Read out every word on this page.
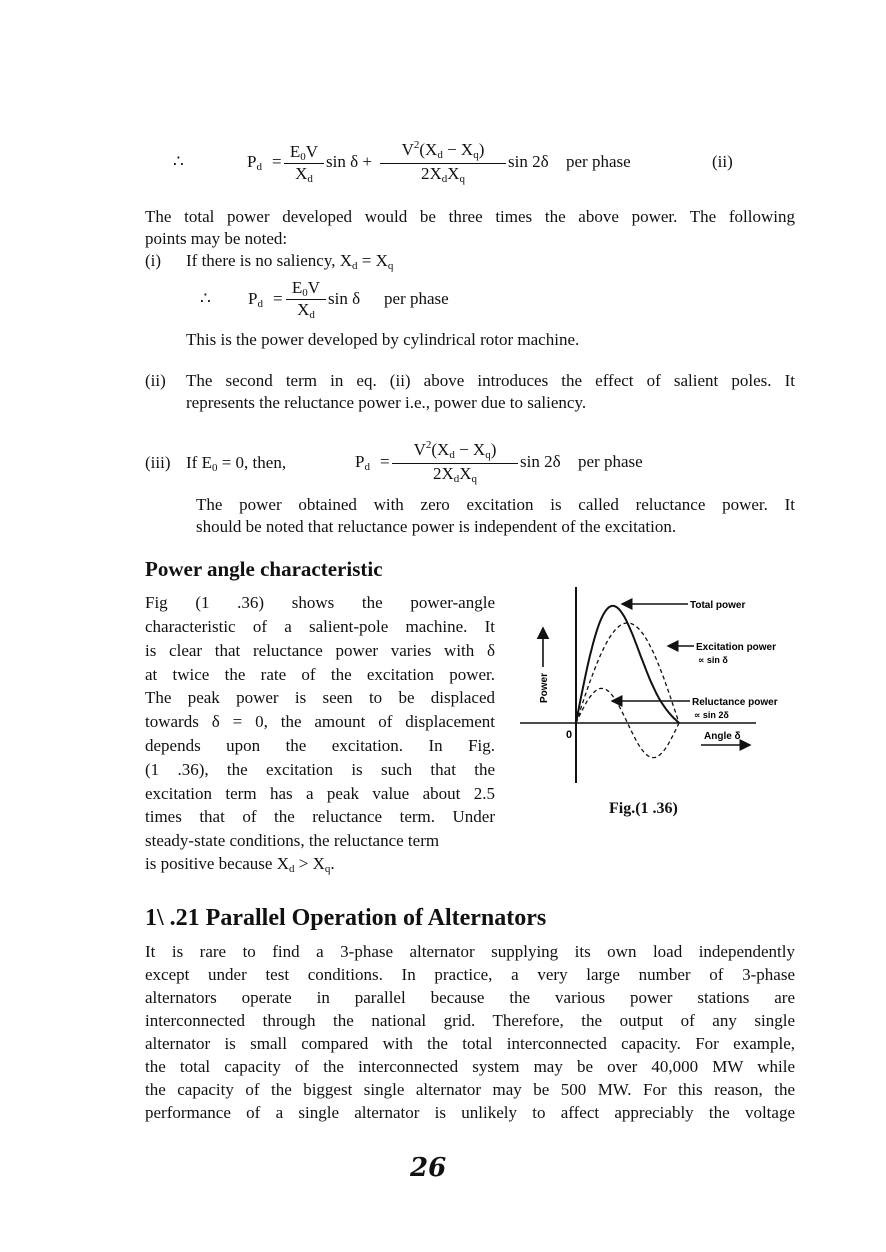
∴	$P_d$ =
$E_0V$
$X_d$
sin δ +
$V^2(X_d - X_q)$
$2X_dX_q$
sin 2δ per phase	(ii)
The total power developed would be three times the above power. The following
points may be noted:
(i) If there is no saliency, $X_d = X_q$
∴ $P_d$ =
$E_0V$
$X_d$
sin δ per phase
This is the power developed by cylindrical rotor machine.
(ii) The second term in eq. (ii) above introduces the effect of salient poles. It
represents the reluctance power i.e., power due to saliency.
(iii) If $E_0 = 0$, then,	$P_d$ =
$V^2(X_d - X_q)$
$2X_dX_q$
sin 2δ per phase
The power obtained with zero excitation is called reluctance power. It
should be noted that reluctance power is independent of the excitation.
Power angle characteristic
Fig (1 .36) shows the power-angle
characteristic of a salient-pole machine. It
is clear that reluctance power varies with δ
at twice the rate of the excitation power.
The peak power is seen to be displaced
towards δ = 0, the amount of displacement
depends upon the excitation. In Fig.
(1 .36), the excitation is such that the
excitation term has a peak value about 2.5
times that of the reluctance term. Under
steady-state conditions, the reluctance term
is positive because $X_d > X_q$.
Power
0
Total power
Excitation power
∝ sin δ
Reluctance power
∝ sin 2δ
Angle δ
Fig.(1 .36)
1\ .21 Parallel Operation of Alternators
It is rare to find a 3-phase alternator supplying its own load independently
except under test conditions. In practice, a very large number of 3-phase
alternators operate in parallel because the various power stations are
interconnected through the national grid. Therefore, the output of any single
alternator is small compared with the total interconnected capacity. For example,
the total capacity of the interconnected system may be over 40,000 MW while
the capacity of the biggest single alternator may be 500 MW. For this reason, the
performance of a single alternator is unlikely to affect appreciably the voltage
26
